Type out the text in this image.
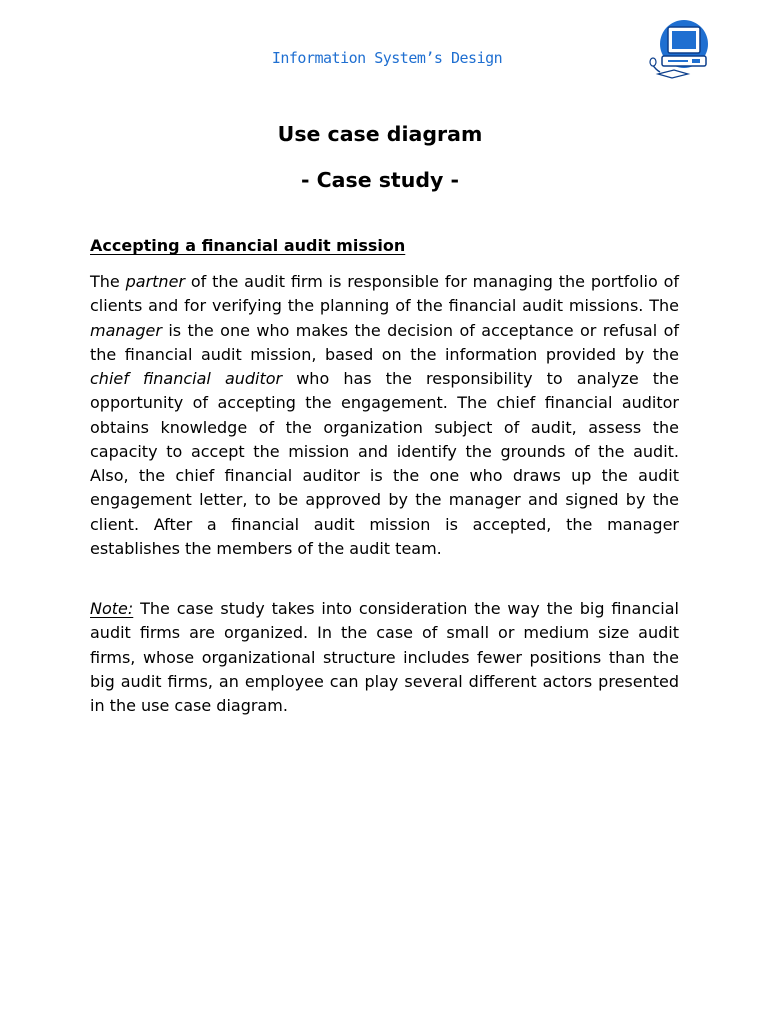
Information System’s Design
Use case diagram
- Case study -
Accepting a financial audit mission

The partner of the audit firm is responsible for managing the portfolio of clients and for verifying the planning of the financial audit missions. The manager is the one who makes the decision of acceptance or refusal of the financial audit mission, based on the information provided by the chief financial auditor who has the responsibility to analyze the opportunity of accepting the engagement. The chief financial auditor obtains knowledge of the organization subject of audit, assess the capacity to accept the mission and identify the grounds of the audit. Also, the chief financial auditor is the one who draws up the audit engagement letter, to be approved by the manager and signed by the client. After a financial audit mission is accepted, the manager establishes the members of the audit team.

Note: The case study takes into consideration the way the big financial audit firms are organized. In the case of small or medium size audit firms, whose organizational structure includes fewer positions than the big audit firms, an employee can play several different actors presented in the use case diagram.
